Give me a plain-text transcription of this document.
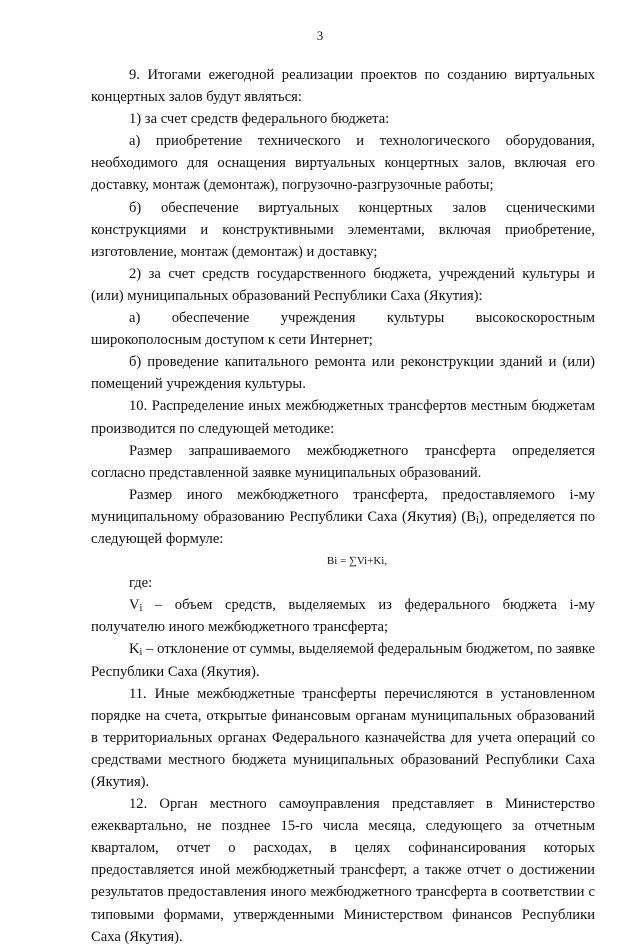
3

9. Итогами ежегодной реализации проектов по созданию виртуальных концертных залов будут являться:

1) за счет средств федерального бюджета:

а) приобретение технического и технологического оборудования, необходимого для оснащения виртуальных концертных залов, включая его доставку, монтаж (демонтаж), погрузочно-разгрузочные работы;

б) обеспечение виртуальных концертных залов сценическими конструкциями и конструктивными элементами, включая приобретение, изготовление, монтаж (демонтаж) и доставку;

2) за счет средств государственного бюджета, учреждений культуры и (или) муниципальных образований Республики Саха (Якутия):

а) обеспечение учреждения культуры высокоскоростным широкополосным доступом к сети Интернет;

б) проведение капитального ремонта или реконструкции зданий и (или) помещений учреждения культуры.

10. Распределение иных межбюджетных трансфертов местным бюджетам производится по следующей методике:

Размер запрашиваемого межбюджетного трансферта определяется согласно представленной заявке муниципальных образований.

Размер иного межбюджетного трансферта, предоставляемого i-му муниципальному образованию Республики Саха (Якутия) $(B_i)$, определяется по следующей формуле:

Bi = ∑Vi+Ki,

где:

$V_i$ – объем средств, выделяемых из федерального бюджета i-му получателю иного межбюджетного трансферта;

$K_i$ – отклонение от суммы, выделяемой федеральным бюджетом, по заявке Республики Саха (Якутия).

11. Иные межбюджетные трансферты перечисляются в установленном порядке на счета, открытые финансовым органам муниципальных образований в территориальных органах Федерального казначейства для учета операций со средствами местного бюджета муниципальных образований Республики Саха (Якутия).

12. Орган местного самоуправления представляет в Министерство ежеквартально, не позднее 15-го числа месяца, следующего за отчетным кварталом, отчет о расходах, в целях софинансирования которых предоставляется иной межбюджетный трансферт, а также отчет о достижении результатов предоставления иного межбюджетного трансферта в соответствии с типовыми формами, утвержденными Министерством финансов Республики Саха (Якутия).
